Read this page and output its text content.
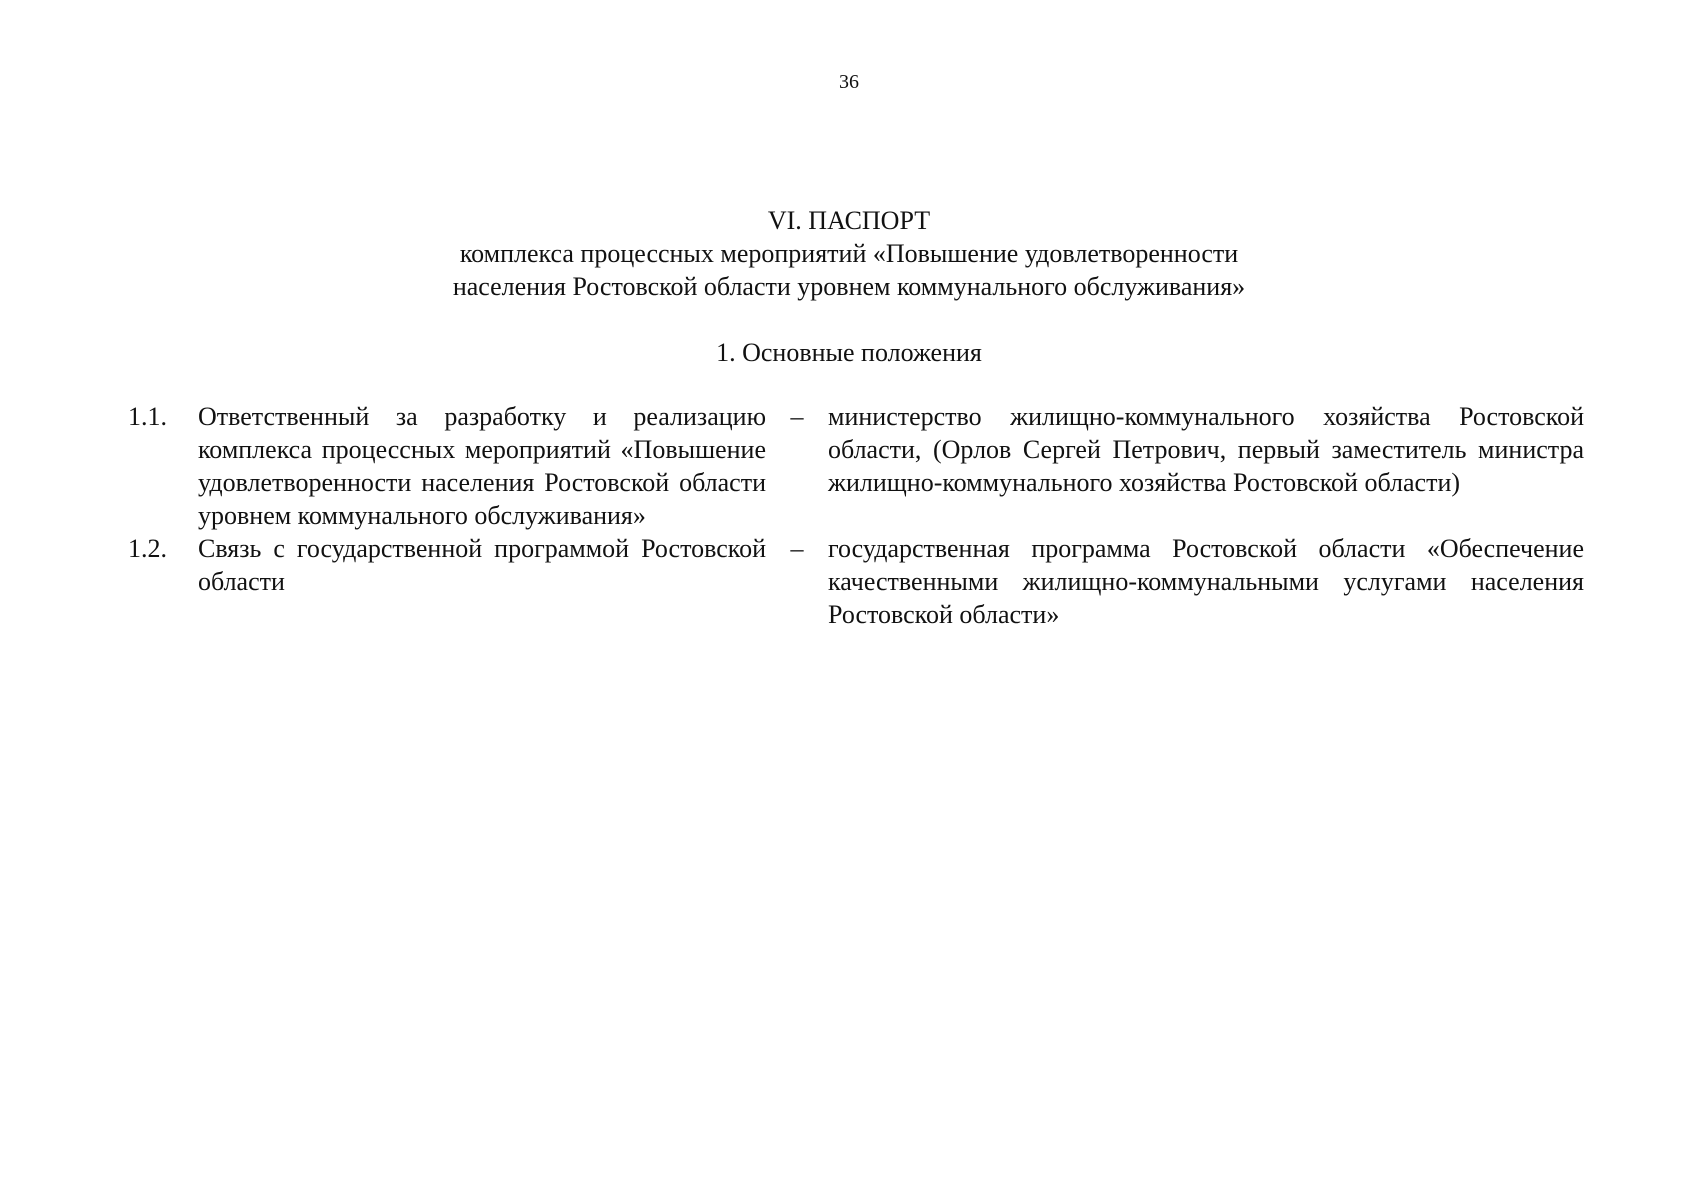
36
VI. ПАСПОРТ
комплекса процессных мероприятий «Повышение удовлетворенности
населения Ростовской области уровнем коммунального обслуживания»
1. Основные положения
1.1.	Ответственный за разработку и реализацию комплекса процессных мероприятий «Повышение удовлетворенности населения Ростовской области уровнем коммунального обслуживания»
– министерство жилищно-коммунального хозяйства Ростовской области, (Орлов Сергей Петрович, первый заместитель министра жилищно-коммунального хозяйства Ростовской области)
1.2.	Связь с государственной программой Ростовской области
– государственная программа Ростовской области «Обеспечение качественными жилищно-коммунальными услугами населения Ростовской области»
